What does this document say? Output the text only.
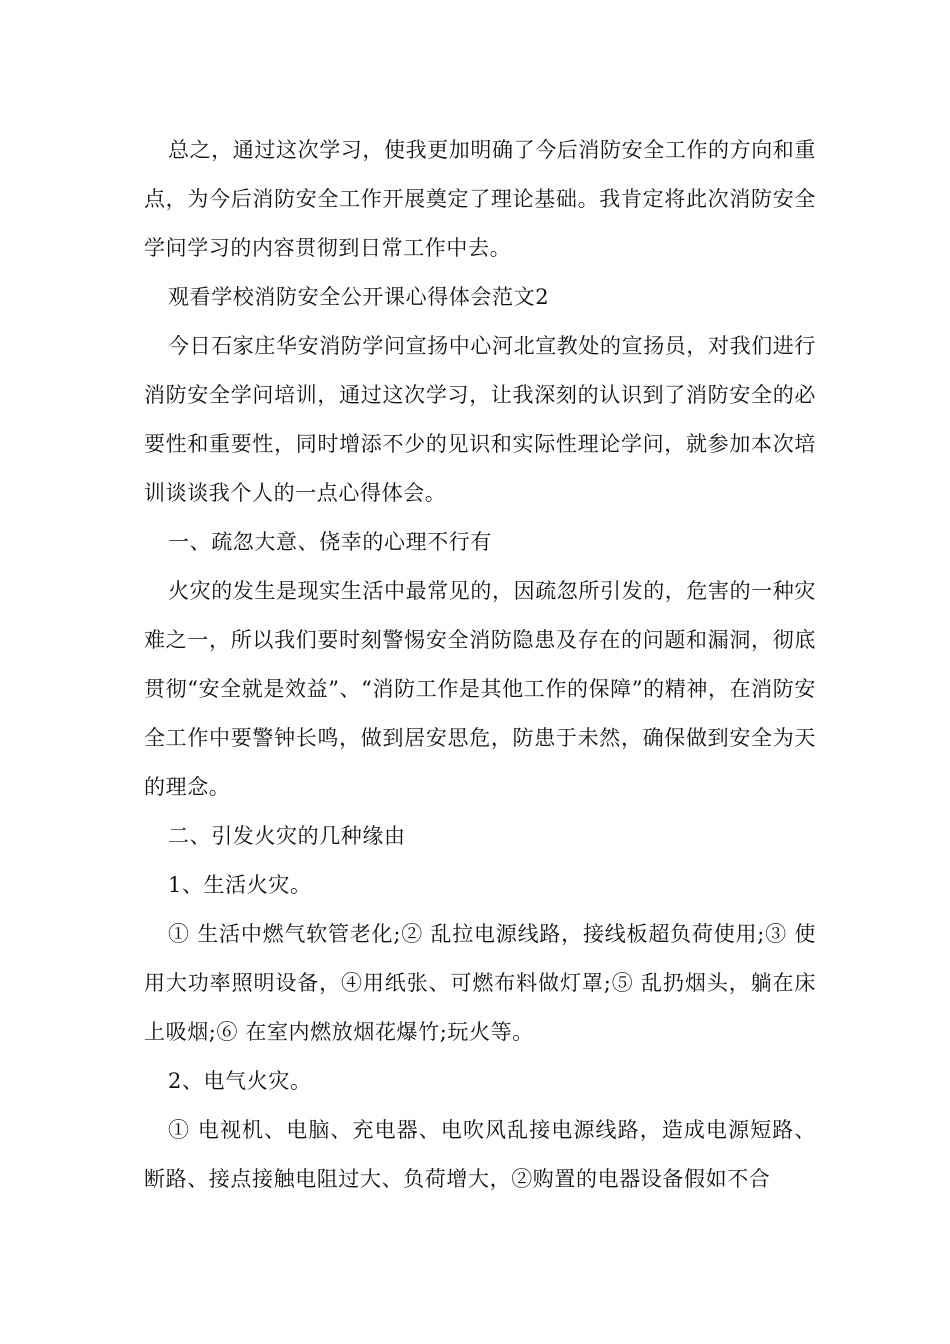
总之，通过这次学习，使我更加明确了今后消防安全工作的方向和重点，为今后消防安全工作开展奠定了理论基础。我肯定将此次消防安全学问学习的内容贯彻到日常工作中去。

观看学校消防安全公开课心得体会范文2

今日石家庄华安消防学问宣扬中心河北宣教处的宣扬员，对我们进行消防安全学问培训，通过这次学习，让我深刻的认识到了消防安全的必要性和重要性，同时增添不少的见识和实际性理论学问，就参加本次培训谈谈我个人的一点心得体会。

一、疏忽大意、侥幸的心理不行有

火灾的发生是现实生活中最常见的，因疏忽所引发的，危害的一种灾难之一，所以我们要时刻警惕安全消防隐患及存在的问题和漏洞，彻底贯彻“安全就是效益”、“消防工作是其他工作的保障”的精神，在消防安全工作中要警钟长鸣，做到居安思危，防患于未然，确保做到安全为天的理念。

二、引发火灾的几种缘由

1、生活火灾。

① 生活中燃气软管老化;② 乱拉电源线路，接线板超负荷使用;③ 使用大功率照明设备，④用纸张、可燃布料做灯罩;⑤ 乱扔烟头，躺在床上吸烟;⑥ 在室内燃放烟花爆竹;玩火等。

2、电气火灾。

① 电视机、电脑、充电器、电吹风乱接电源线路，造成电源短路、断路、接点接触电阻过大、负荷增大，②购置的电器设备假如不合
